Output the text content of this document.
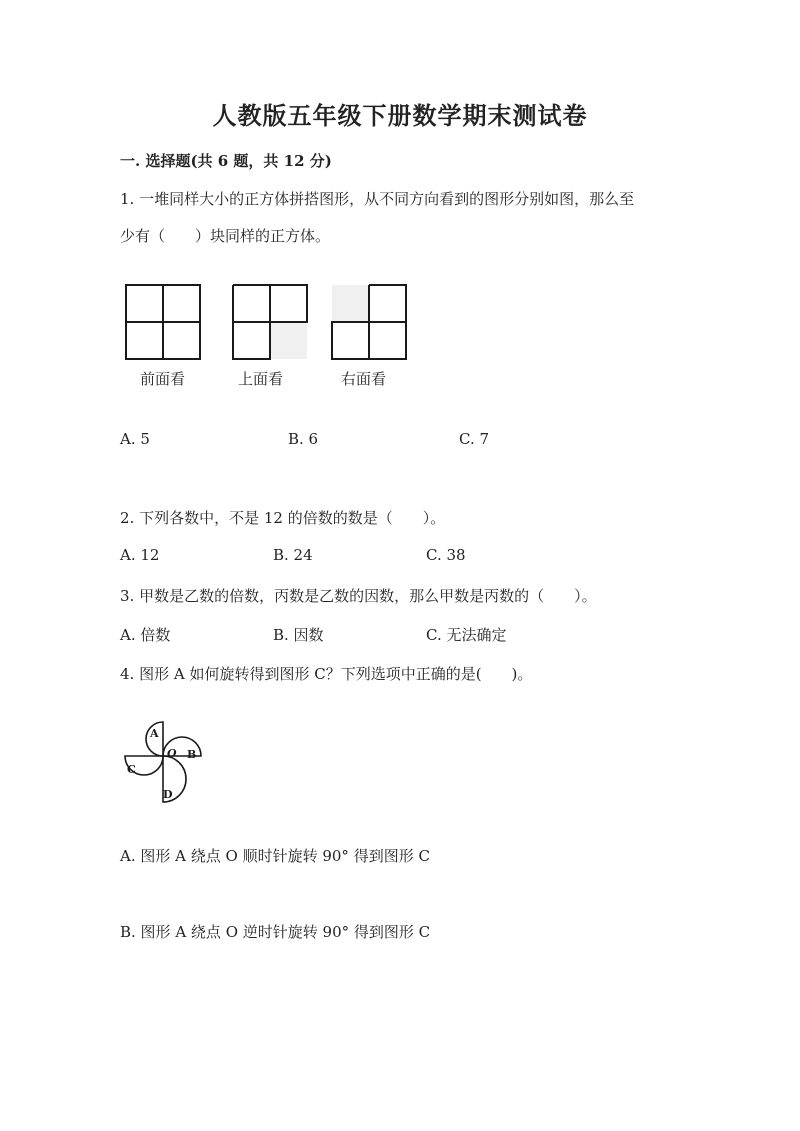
人教版五年级下册数学期末测试卷
一. 选择题(共 6 题，共 12 分)
1. 一堆同样大小的正方体拼搭图形，从不同方向看到的图形分别如图，那么至
少有（　　）块同样的正方体。
前面看	上面看	右面看
A. 5	B. 6	C. 7
2. 下列各数中，不是 12 的倍数的数是（　　）。
A. 12	B. 24	C. 38
3. 甲数是乙数的倍数，丙数是乙数的因数，那么甲数是丙数的（　　）。
A. 倍数	B. 因数	C. 无法确定
4. 图形 A 如何旋转得到图形 C？下列选项中正确的是(　　)。
A
O B
C
D
A. 图形 A 绕点 O 顺时针旋转 90° 得到图形 C
B. 图形 A 绕点 O 逆时针旋转 90° 得到图形 C
